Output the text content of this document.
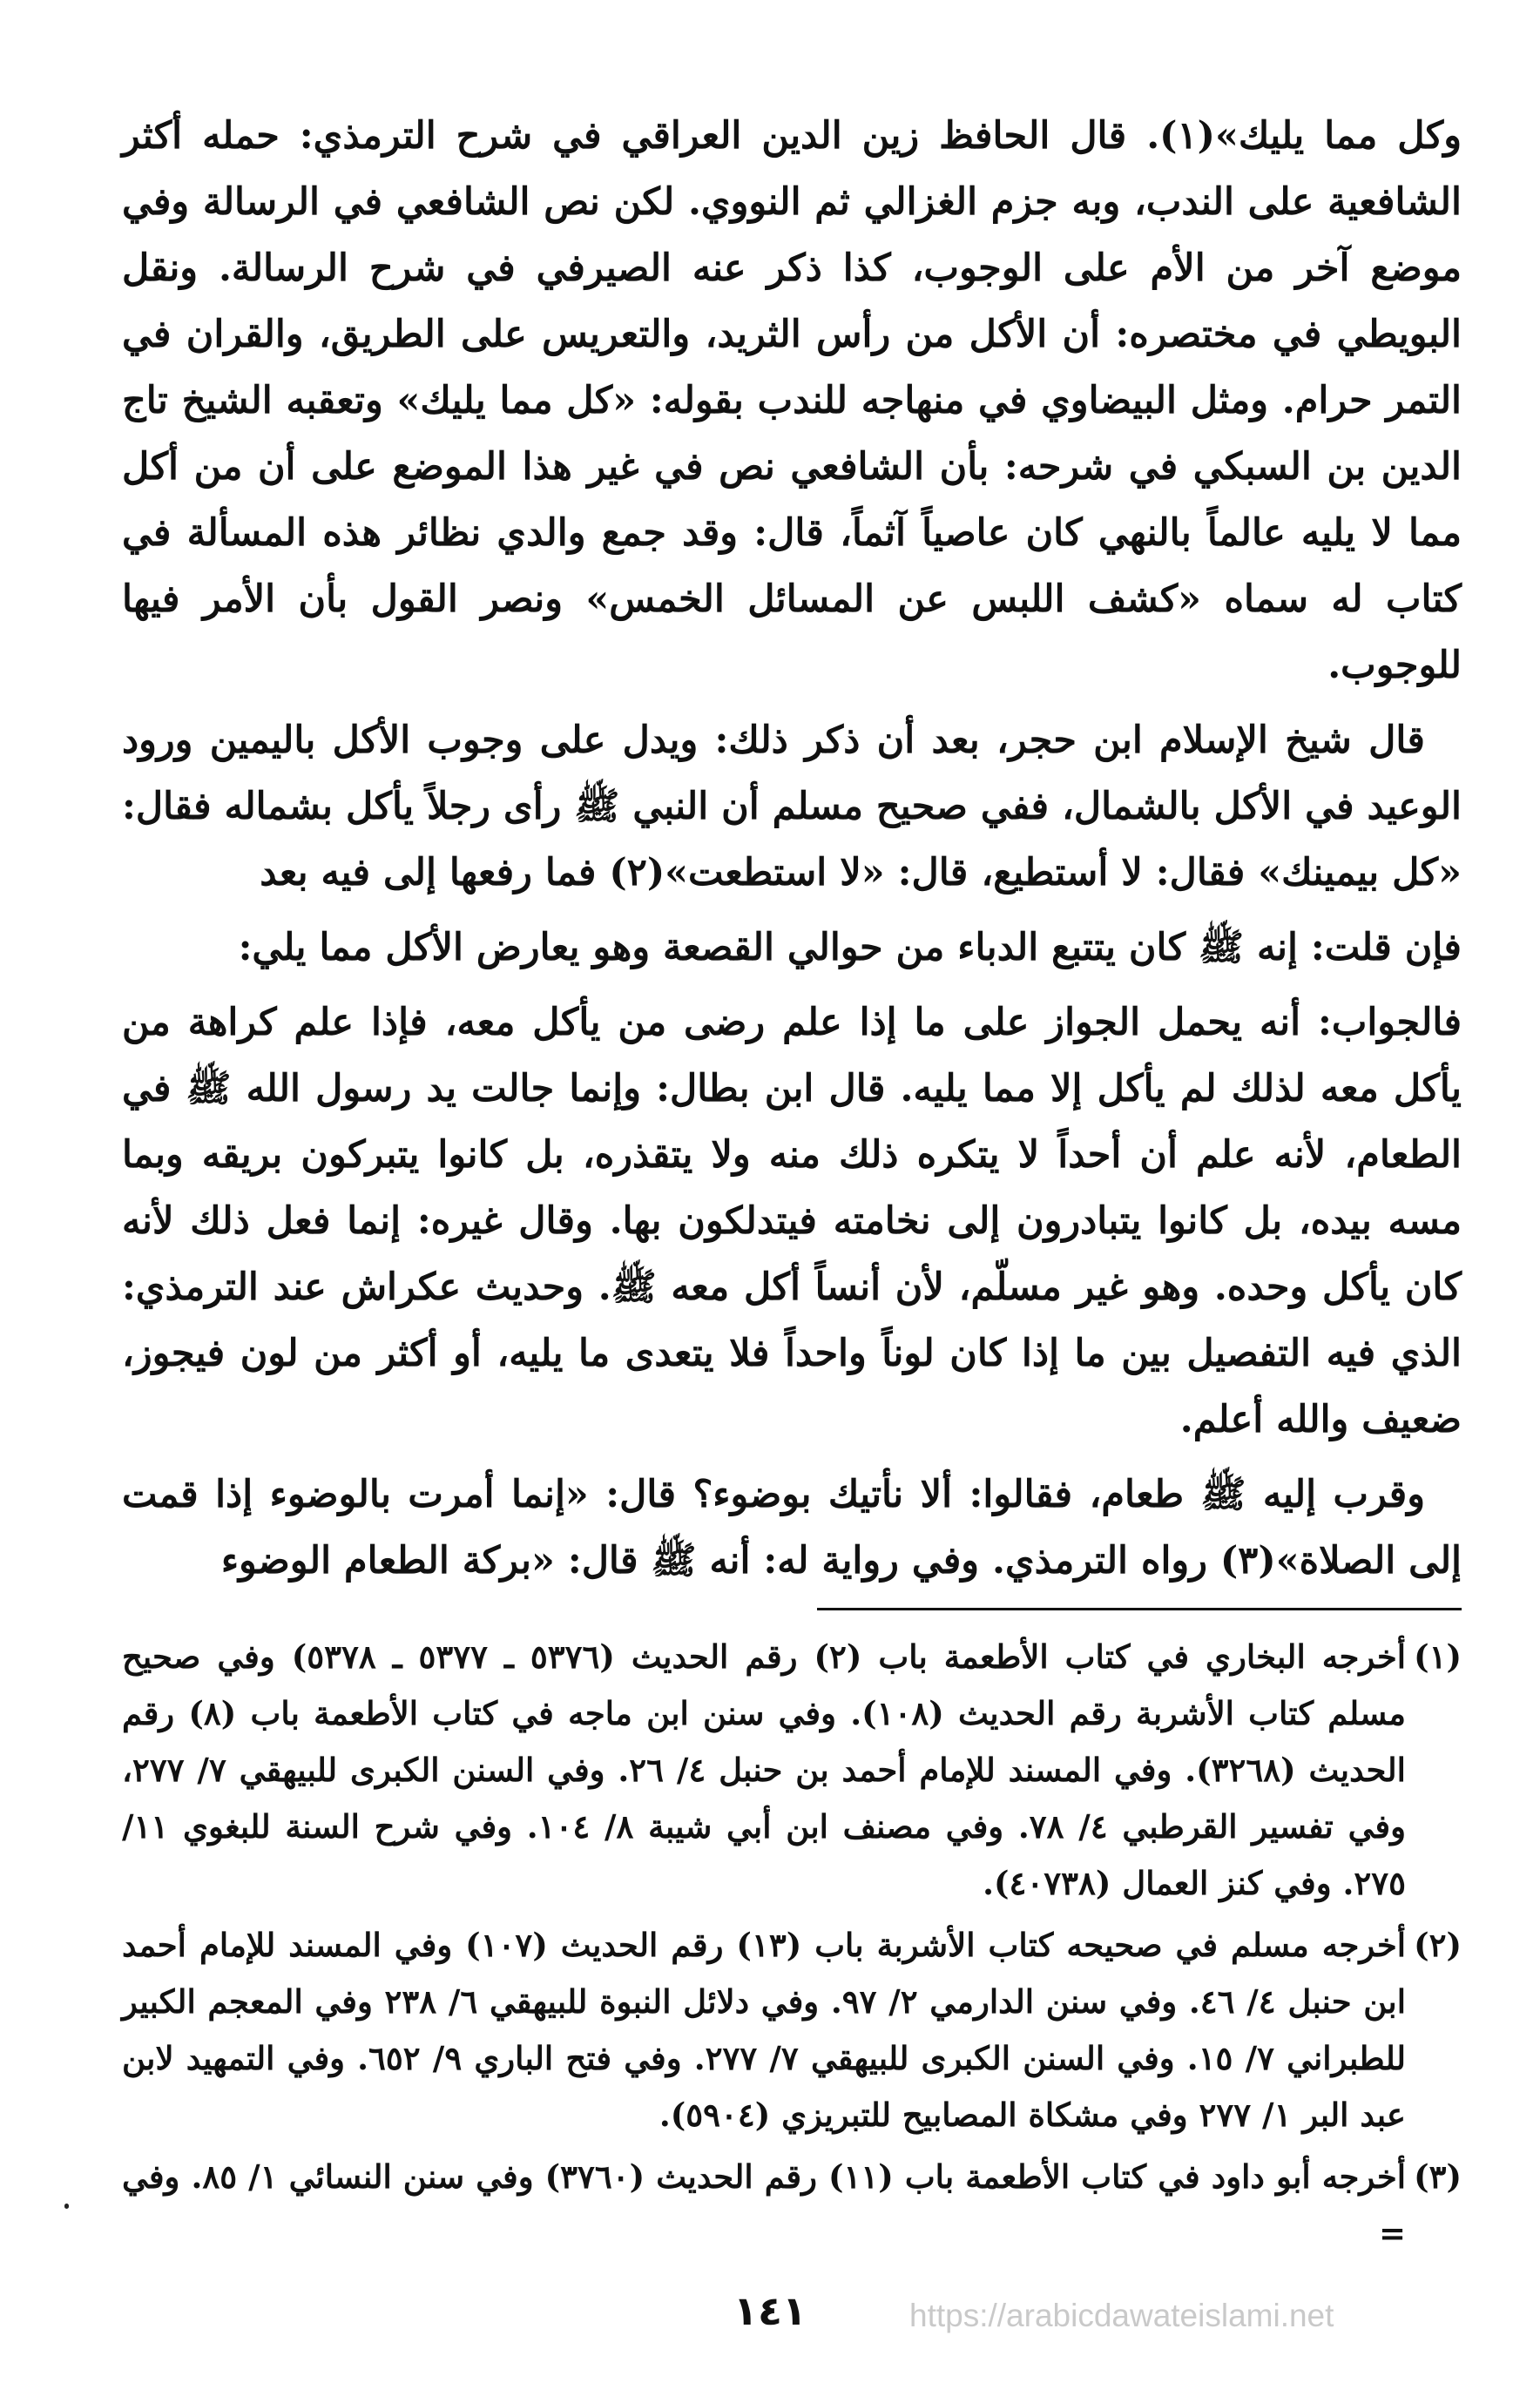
وكل مما يليك»(١). قال الحافظ زين الدين العراقي في شرح الترمذي: حمله أكثر الشافعية على الندب، وبه جزم الغزالي ثم النووي. لكن نص الشافعي في الرسالة وفي موضع آخر من الأم على الوجوب، كذا ذكر عنه الصيرفي في شرح الرسالة. ونقل البويطي في مختصره: أن الأكل من رأس الثريد، والتعريس على الطريق، والقران في التمر حرام. ومثل البيضاوي في منهاجه للندب بقوله: «كل مما يليك» وتعقبه الشيخ تاج الدين بن السبكي في شرحه: بأن الشافعي نص في غير هذا الموضع على أن من أكل مما لا يليه عالماً بالنهي كان عاصياً آثماً، قال: وقد جمع والدي نظائر هذه المسألة في كتاب له سماه «كشف اللبس عن المسائل الخمس» ونصر القول بأن الأمر فيها للوجوب.

قال شيخ الإسلام ابن حجر، بعد أن ذكر ذلك: ويدل على وجوب الأكل باليمين ورود الوعيد في الأكل بالشمال، ففي صحيح مسلم أن النبي ﷺ رأى رجلاً يأكل بشماله فقال: «كل بيمينك» فقال: لا أستطيع، قال: «لا استطعت»(٢) فما رفعها إلى فيه بعد

فإن قلت: إنه ﷺ كان يتتبع الدباء من حوالي القصعة وهو يعارض الأكل مما يلي:

فالجواب: أنه يحمل الجواز على ما إذا علم رضى من يأكل معه، فإذا علم كراهة من يأكل معه لذلك لم يأكل إلا مما يليه. قال ابن بطال: وإنما جالت يد رسول الله ﷺ في الطعام، لأنه علم أن أحداً لا يتكره ذلك منه ولا يتقذره، بل كانوا يتبركون بريقه وبما مسه بيده، بل كانوا يتبادرون إلى نخامته فيتدلكون بها. وقال غيره: إنما فعل ذلك لأنه كان يأكل وحده. وهو غير مسلّم، لأن أنساً أكل معه ﷺ. وحديث عكراش عند الترمذي: الذي فيه التفصيل بين ما إذا كان لوناً واحداً فلا يتعدى ما يليه، أو أكثر من لون فيجوز، ضعيف والله أعلم.

وقرب إليه ﷺ طعام، فقالوا: ألا نأتيك بوضوء؟ قال: «إنما أمرت بالوضوء إذا قمت إلى الصلاة»(٣) رواه الترمذي. وفي رواية له: أنه ﷺ قال: «بركة الطعام الوضوء

(١)
أخرجه البخاري في كتاب الأطعمة باب (٢) رقم الحديث (٥٣٧٦ ـ ٥٣٧٧ ـ ٥٣٧٨) وفي صحيح مسلم كتاب الأشربة رقم الحديث (١٠٨). وفي سنن ابن ماجه في كتاب الأطعمة باب (٨) رقم الحديث (٣٢٦٨). وفي المسند للإمام أحمد بن حنبل ٤/ ٢٦. وفي السنن الكبرى للبيهقي ٧/ ٢٧٧، وفي تفسير القرطبي ٤/ ٧٨. وفي مصنف ابن أبي شيبة ٨/ ١٠٤. وفي شرح السنة للبغوي ١١/ ٢٧٥. وفي كنز العمال (٤٠٧٣٨).
(٢)
أخرجه مسلم في صحيحه كتاب الأشربة باب (١٣) رقم الحديث (١٠٧) وفي المسند للإمام أحمد ابن حنبل ٤/ ٤٦. وفي سنن الدارمي ٢/ ٩٧. وفي دلائل النبوة للبيهقي ٦/ ٢٣٨ وفي المعجم الكبير للطبراني ٧/ ١٥. وفي السنن الكبرى للبيهقي ٧/ ٢٧٧. وفي فتح الباري ٩/ ٦٥٢. وفي التمهيد لابن عبد البر ١/ ٢٧٧ وفي مشكاة المصابيح للتبريزي (٥٩٠٤).
(٣)
أخرجه أبو داود في كتاب الأطعمة باب (١١) رقم الحديث (٣٧٦٠) وفي سنن النسائي ١/ ٨٥. وفي =
١٤١	https://arabicdawateislami.net
